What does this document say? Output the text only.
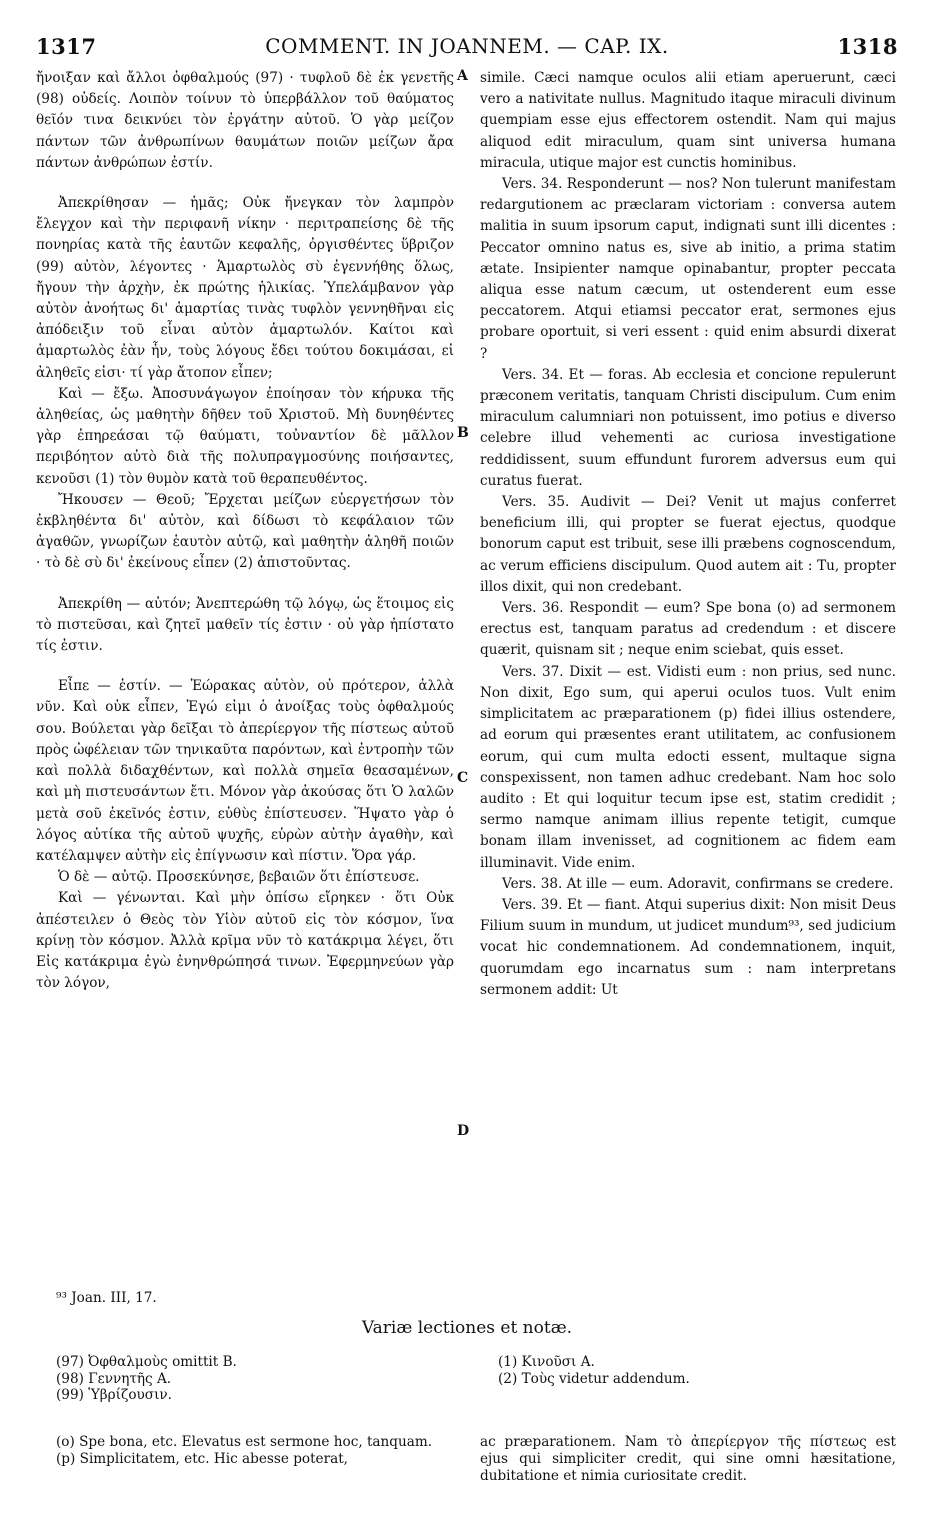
1317	COMMENT. IN JOANNEM. — CAP. IX.	1318
A
B
C
D

ἤνοιξαν καὶ ἄλλοι ὀφθαλμούς (97) · τυφλοῦ δὲ ἐκ γενετῆς (98) οὐδείς. Λοιπὸν τοίνυν τὸ ὑπερβάλλον τοῦ θαύματος θεῖόν τινα δεικνύει τὸν ἐργάτην αὐτοῦ. Ὁ γὰρ μείζον πάντων τῶν ἀνθρωπίνων θαυμάτων ποιῶν μείζων ἄρα πάντων ἀνθρώπων ἐστίν.

Ἀπεκρίθησαν — ἡμᾶς; Οὐκ ἤνεγκαν τὸν λαμπρὸν ἔλεγχον καὶ τὴν περιφανῆ νίκην · περιτραπείσης δὲ τῆς πονηρίας κατὰ τῆς ἑαυτῶν κεφαλῆς, ὀργισθέντες ὕβριζον (99) αὐτὸν, λέγοντες · Ἁμαρτωλὸς σὺ ἐγεννήθης ὅλως, ἤγουν τὴν ἀρχὴν, ἐκ πρώτης ἡλικίας. Ὑπελάμβανον γὰρ αὐτὸν ἀνοήτως δι' ἁμαρτίας τινὰς τυφλὸν γεννηθῆναι εἰς ἀπόδειξιν τοῦ εἶναι αὐτὸν ἁμαρτωλόν. Καίτοι καὶ ἁμαρτωλὸς ἐὰν ἦν, τοὺς λόγους ἔδει τούτου δοκιμάσαι, εἰ ἀληθεῖς εἰσι· τί γὰρ ἄτοπον εἶπεν;

Καὶ — ἔξω. Ἀποσυνάγωγον ἐποίησαν τὸν κήρυκα τῆς ἀληθείας, ὡς μαθητὴν δῆθεν τοῦ Χριστοῦ. Μὴ δυνηθέντες γὰρ ἐπηρεάσαι τῷ θαύματι, τοὐναντίον δὲ μᾶλλον περιβόητον αὐτὸ διὰ τῆς πολυπραγμοσύνης ποιήσαντες, κενοῦσι (1) τὸν θυμὸν κατὰ τοῦ θεραπευθέντος.

Ἤκουσεν — Θεοῦ; Ἔρχεται μείζων εὐεργετήσων τὸν ἐκβληθέντα δι' αὐτὸν, καὶ δίδωσι τὸ κεφάλαιον τῶν ἀγαθῶν, γνωρίζων ἑαυτὸν αὐτῷ, καὶ μαθητὴν ἀληθῆ ποιῶν · τὸ δὲ σὺ δι' ἐκείνους εἶπεν (2) ἀπιστοῦντας.

Ἀπεκρίθη — αὐτόν; Ἀνεπτερώθη τῷ λόγῳ, ὡς ἕτοιμος εἰς τὸ πιστεῦσαι, καὶ ζητεῖ μαθεῖν τίς ἐστιν · οὐ γὰρ ἠπίστατο τίς ἐστιν.

Εἶπε — ἐστίν. — Ἑώρακας αὐτὸν, οὐ πρότερον, ἀλλὰ νῦν. Καὶ οὐκ εἶπεν, Ἐγώ εἰμι ὁ ἀνοίξας τοὺς ὀφθαλμούς σου. Βούλεται γὰρ δεῖξαι τὸ ἀπερίεργον τῆς πίστεως αὐτοῦ πρὸς ὠφέλειαν τῶν τηνικαῦτα παρόντων, καὶ ἐντροπὴν τῶν καὶ πολλὰ διδαχθέντων, καὶ πολλὰ σημεῖα θεασαμένων, καὶ μὴ πιστευσάντων ἔτι. Μόνον γὰρ ἀκούσας ὅτι Ὁ λαλῶν μετὰ σοῦ ἐκεῖνός ἐστιν, εὐθὺς ἐπίστευσεν. Ἥψατο γὰρ ὁ λόγος αὐτίκα τῆς αὐτοῦ ψυχῆς, εὑρὼν αὐτὴν ἀγαθὴν, καὶ κατέλαμψεν αὐτὴν εἰς ἐπίγνωσιν καὶ πίστιν. Ὅρα γάρ.

Ὁ δὲ — αὐτῷ. Προσεκύνησε, βεβαιῶν ὅτι ἐπίστευσε.

Καὶ — γένωνται. Καὶ μὴν ὀπίσω εἴρηκεν · ὅτι Οὐκ ἀπέστειλεν ὁ Θεὸς τὸν Υἱὸν αὐτοῦ εἰς τὸν κόσμον, ἵνα κρίνῃ τὸν κόσμον. Ἀλλὰ κρῖμα νῦν τὸ κατάκριμα λέγει, ὅτι Εἰς κατάκριμα ἐγὼ ἐνηνθρώπησά τινων. Ἐφερμηνεύων γὰρ τὸν λόγον,

simile. Cæci namque oculos alii etiam aperuerunt, cæci vero a nativitate nullus. Magnitudo itaque miraculi divinum quempiam esse ejus effectorem ostendit. Nam qui majus aliquod edit miraculum, quam sint universa humana miracula, utique major est cunctis hominibus.

Vers. 34. Responderunt — nos? Non tulerunt manifestam redargutionem ac præclaram victoriam : conversa autem malitia in suum ipsorum caput, indignati sunt illi dicentes : Peccator omnino natus es, sive ab initio, a prima statim ætate. Insipienter namque opinabantur, propter peccata aliqua esse natum cæcum, ut ostenderent eum esse peccatorem. Atqui etiamsi peccator erat, sermones ejus probare oportuit, si veri essent : quid enim absurdi dixerat ?

Vers. 34. Et — foras. Ab ecclesia et concione repulerunt præconem veritatis, tanquam Christi discipulum. Cum enim miraculum calumniari non potuissent, imo potius e diverso celebre illud vehementi ac curiosa investigatione reddidissent, suum effundunt furorem adversus eum qui curatus fuerat.

Vers. 35. Audivit — Dei? Venit ut majus conferret beneficium illi, qui propter se fuerat ejectus, quodque bonorum caput est tribuit, sese illi præbens cognoscendum, ac verum efficiens discipulum. Quod autem ait : Tu, propter illos dixit, qui non credebant.

Vers. 36. Respondit — eum? Spe bona (o) ad sermonem erectus est, tanquam paratus ad credendum : et discere quærit, quisnam sit ; neque enim sciebat, quis esset.

Vers. 37. Dixit — est. Vidisti eum : non prius, sed nunc. Non dixit, Ego sum, qui aperui oculos tuos. Vult enim simplicitatem ac præparationem (p) fidei illius ostendere, ad eorum qui præsentes erant utilitatem, ac confusionem eorum, qui cum multa edocti essent, multaque signa conspexissent, non tamen adhuc credebant. Nam hoc solo audito : Et qui loquitur tecum ipse est, statim credidit ; sermo namque animam illius repente tetigit, cumque bonam illam invenisset, ad cognitionem ac fidem eam illuminavit. Vide enim.

Vers. 38. At ille — eum. Adoravit, confirmans se credere.

Vers. 39. Et — fiant. Atqui superius dixit: Non misit Deus Filium suum in mundum, ut judicet mundum⁹³, sed judicium vocat hic condemnationem. Ad condemnationem, inquit, quorumdam ego incarnatus sum : nam interpretans sermonem addit: Ut

⁹³ Joan. III, 17.
Variæ lectiones et notæ.

(97) Ὀφθαλμοὺς omittit B.

(98) Γεννητῆς A.

(99) Ὑβρίζουσιν.

(1) Κινοῦσι A.

(2) Τοὺς videtur addendum.

(o) Spe bona, etc. Elevatus est sermone hoc, tanquam.

(p) Simplicitatem, etc. Hic abesse poterat,

ac præparationem. Nam τὸ ἀπερίεργον τῆς πίστεως est ejus qui simpliciter credit, qui sine omni hæsitatione, dubitatione et nimia curiositate credit.
